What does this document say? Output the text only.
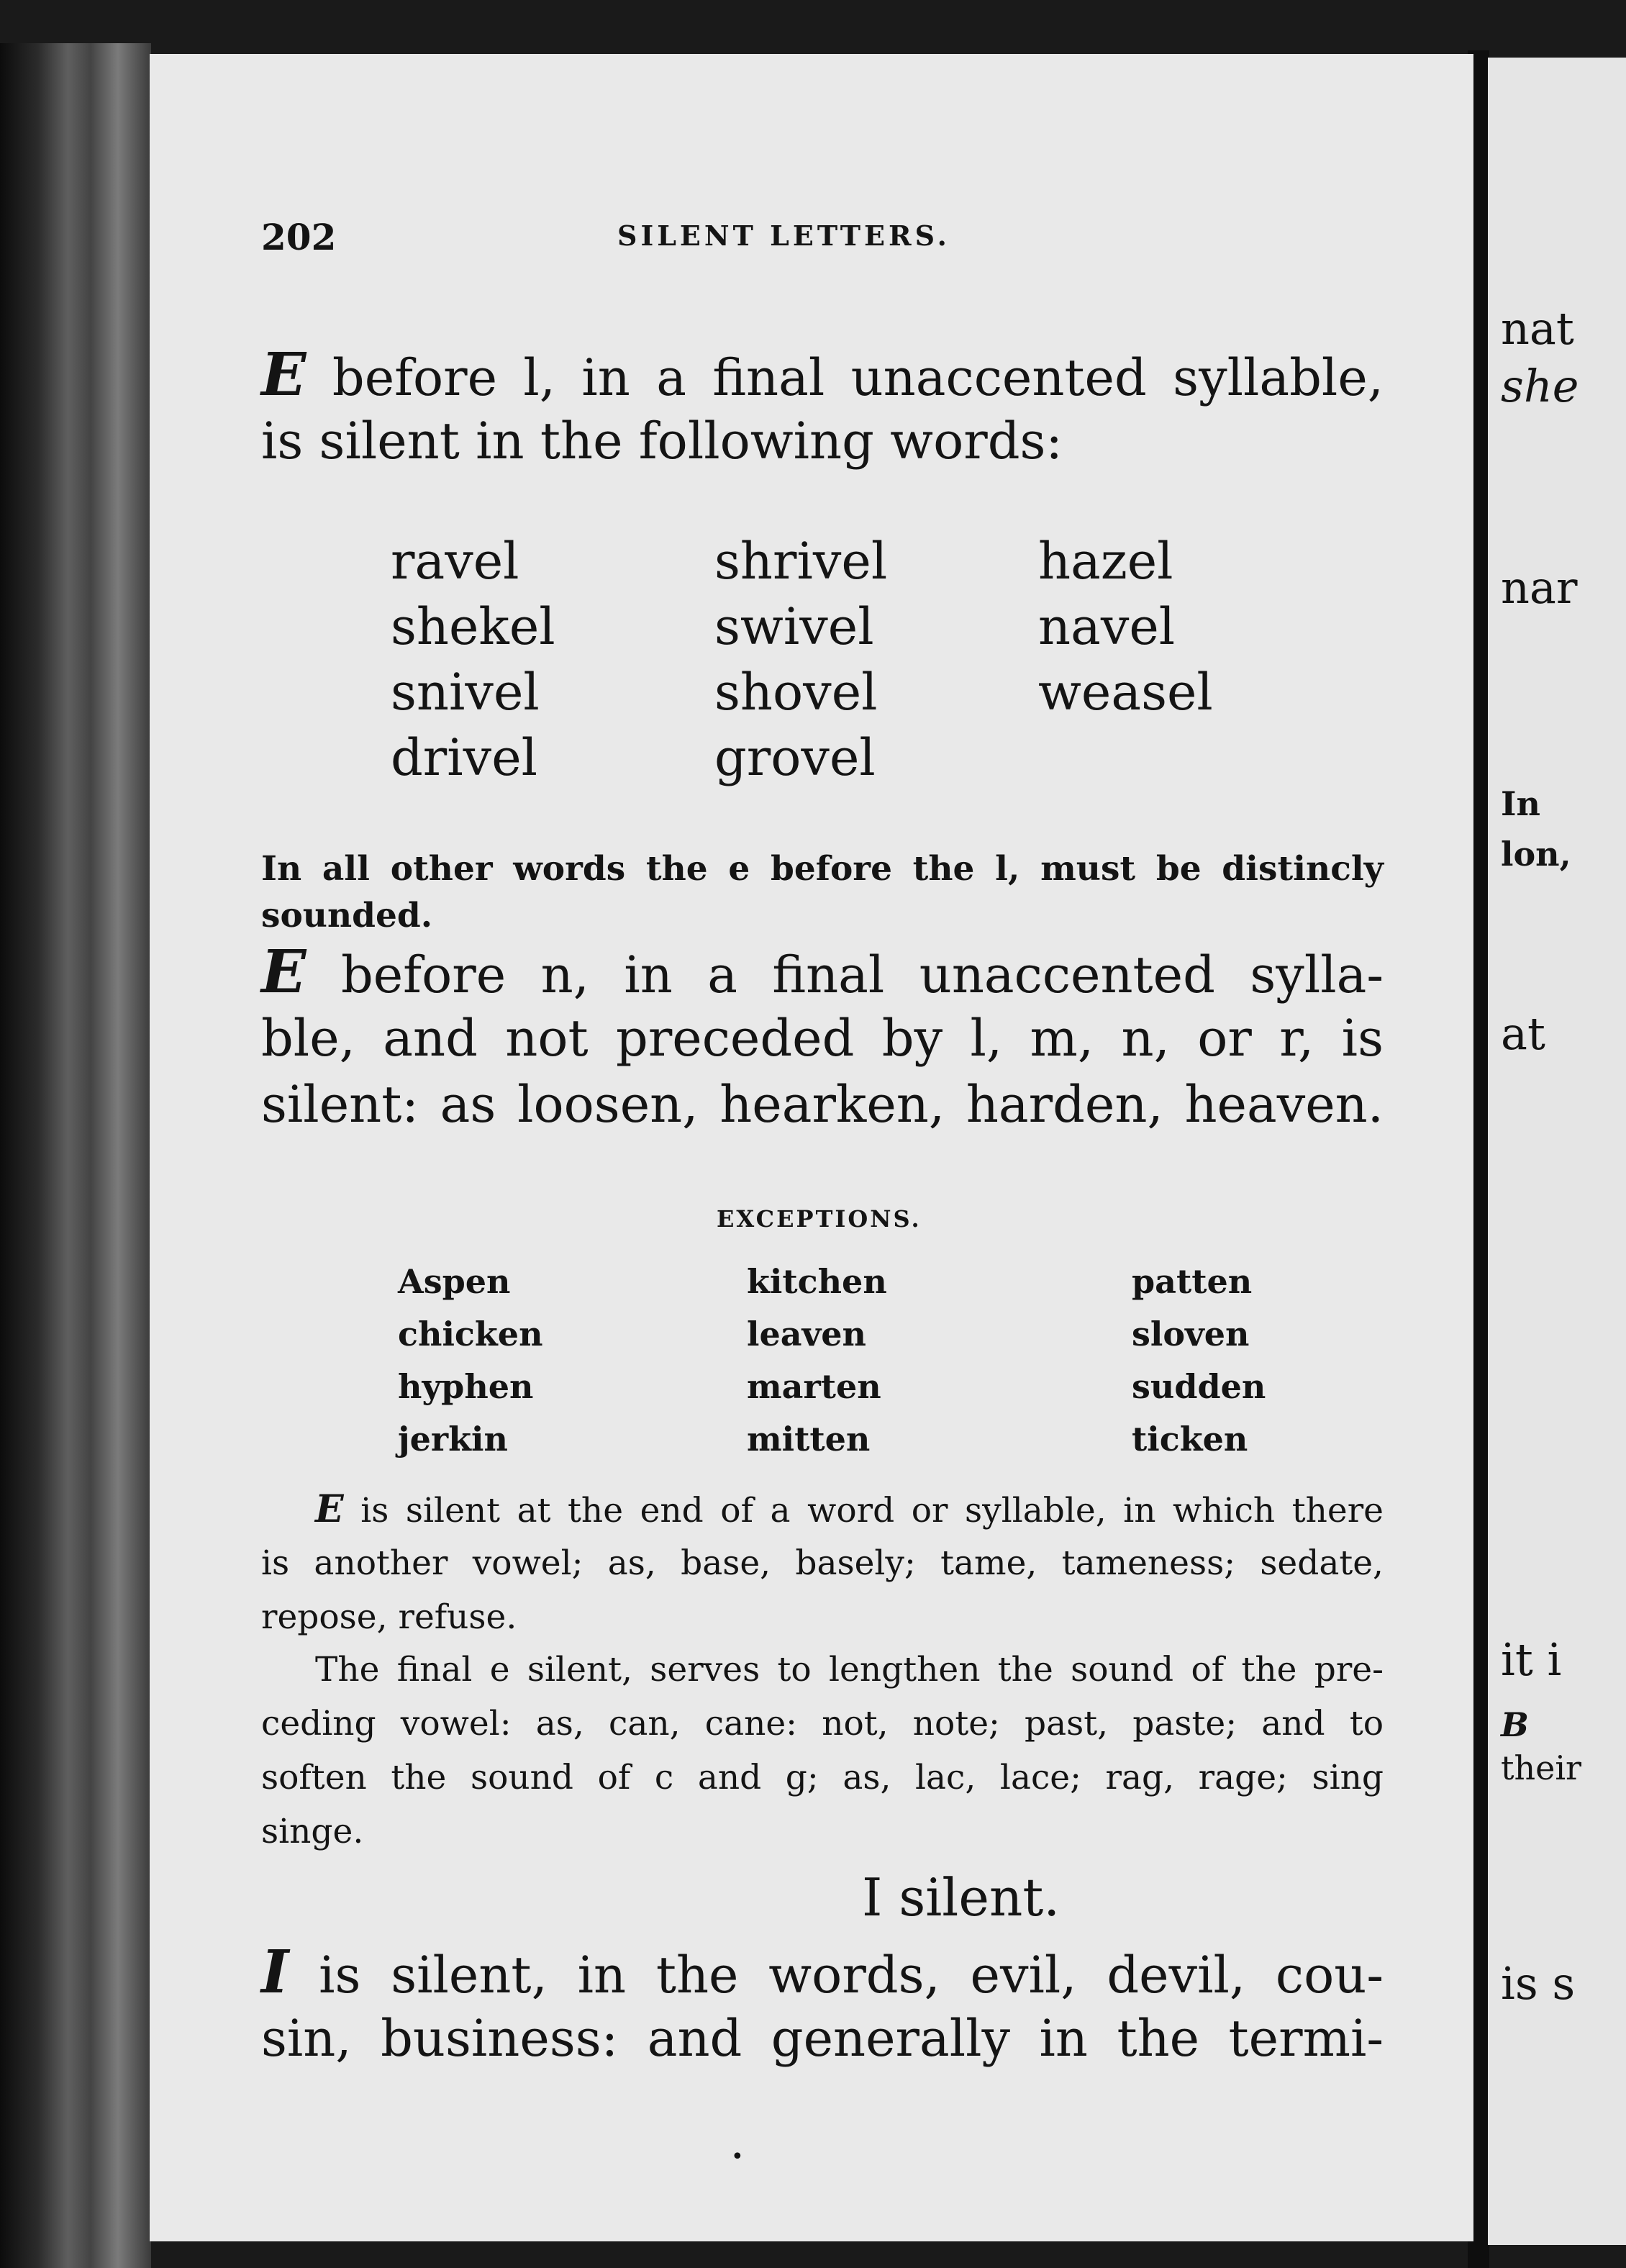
202	SILENT LETTERS.

E before l, in a final unaccented syllable,

is silent in the following words:

ravel
shekel
snivel
drivel
shrivel
swivel
shovel
grovel
hazel
navel
weasel

In all other words the e before the l, must be distincly

sounded.

E before n, in a final unaccented sylla-

ble, and not preceded by l, m, n, or r, is

silent: as loosen, hearken, harden, heaven.

EXCEPTIONS.
Aspen
chicken
hyphen
jerkin
kitchen
leaven
marten
mitten
patten
sloven
sudden
ticken

E is silent at the end of a word or syllable, in which there

is another vowel; as, base, basely; tame, tameness; sedate,

repose, refuse.

The final e silent, serves to lengthen the sound of the pre-

ceding vowel: as, can, cane: not, note; past, paste; and to

soften the sound of c and g; as, lac, lace; rag, rage; sing

singe.

I silent.

I is silent, in the words, evil, devil, cou-

sin, business: and generally in the termi-

•
nat
she
nar
In
lon,
at
it i
B
their
is s
